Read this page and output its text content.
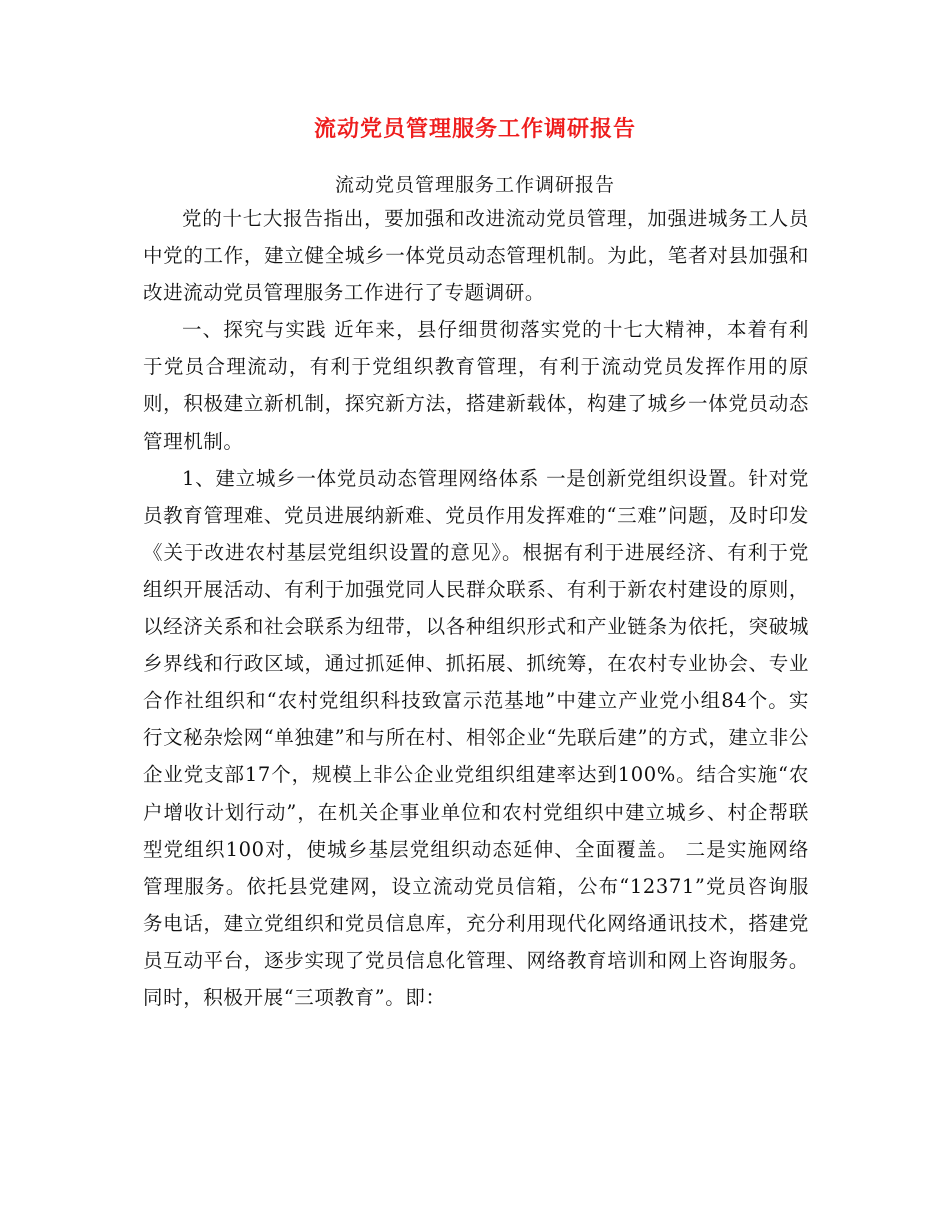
流动党员管理服务工作调研报告

流动党员管理服务工作调研报告

党的十七大报告指出，要加强和改进流动党员管理，加强进城务工人员中党的工作，建立健全城乡一体党员动态管理机制。为此，笔者对县加强和改进流动党员管理服务工作进行了专题调研。

一、探究与实践 近年来，县仔细贯彻落实党的十七大精神，本着有利于党员合理流动，有利于党组织教育管理，有利于流动党员发挥作用的原则，积极建立新机制，探究新方法，搭建新载体，构建了城乡一体党员动态管理机制。

1、建立城乡一体党员动态管理网络体系 一是创新党组织设置。针对党员教育管理难、党员进展纳新难、党员作用发挥难的“三难”问题，及时印发《关于改进农村基层党组织设置的意见》。根据有利于进展经济、有利于党组织开展活动、有利于加强党同人民群众联系、有利于新农村建设的原则，以经济关系和社会联系为纽带，以各种组织形式和产业链条为依托，突破城乡界线和行政区域，通过抓延伸、抓拓展、抓统筹，在农村专业协会、专业合作社组织和“农村党组织科技致富示范基地”中建立产业党小组84个。实行文秘杂烩网“单独建”和与所在村、相邻企业“先联后建”的方式，建立非公企业党支部17个，规模上非公企业党组织组建率达到100%。结合实施“农户增收计划行动”，在机关企事业单位和农村党组织中建立城乡、村企帮联型党组织100对，使城乡基层党组织动态延伸、全面覆盖。 二是实施网络管理服务。依托县党建网，设立流动党员信箱，公布“12371”党员咨询服务电话，建立党组织和党员信息库，充分利用现代化网络通讯技术，搭建党员互动平台，逐步实现了党员信息化管理、网络教育培训和网上咨询服务。同时，积极开展“三项教育”。即：
